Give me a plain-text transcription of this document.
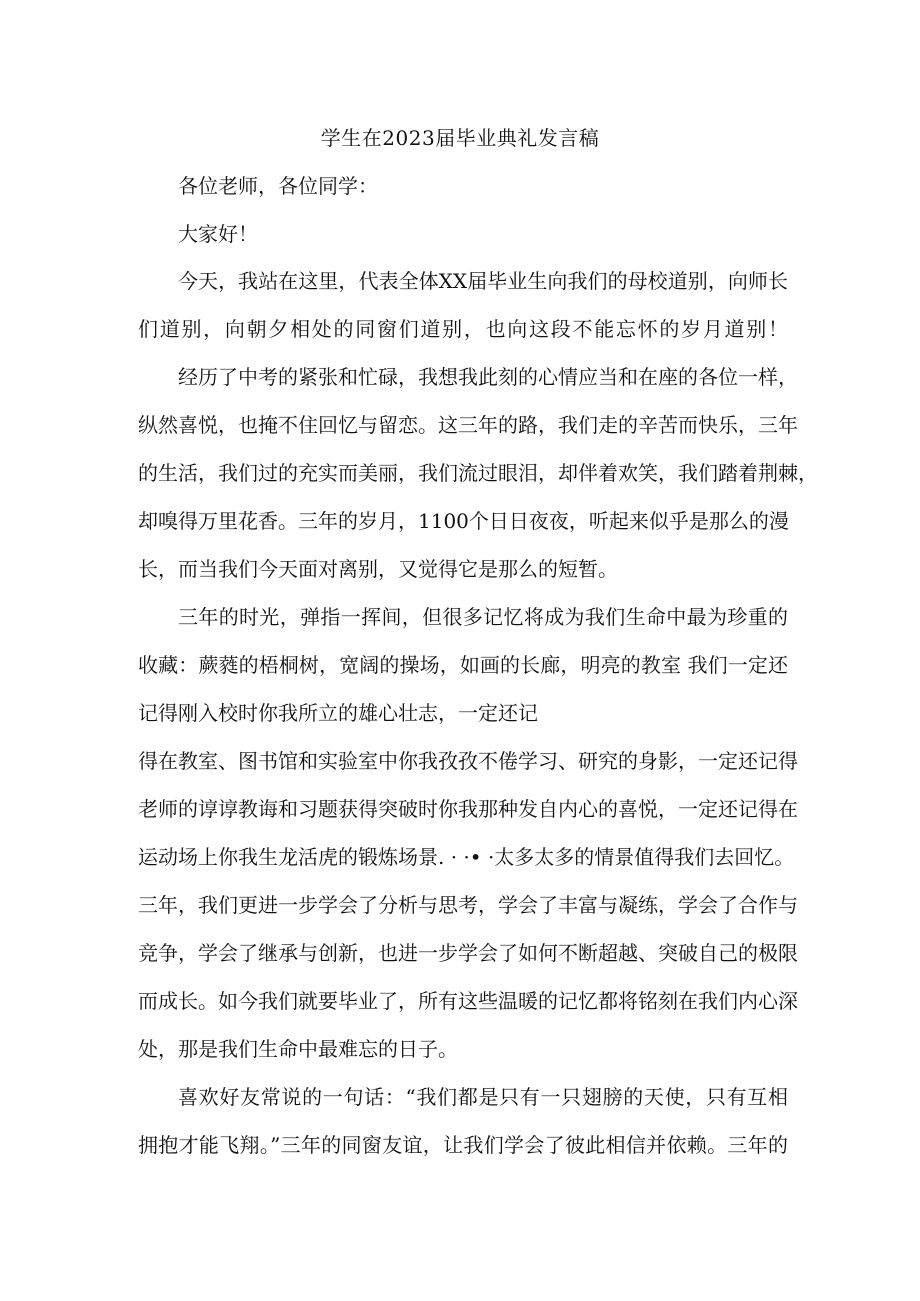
学生在2023届毕业典礼发言稿
各位老师，各位同学：
大家好！
今天，我站在这里，代表全体XX届毕业生向我们的母校道别，向师长
们道别，向朝夕相处的同窗们道别，也向这段不能忘怀的岁月道别！
经历了中考的紧张和忙碌，我想我此刻的心情应当和在座的各位一样，
纵然喜悦，也掩不住回忆与留恋。这三年的路，我们走的辛苦而快乐，三年
的生活，我们过的充实而美丽，我们流过眼泪，却伴着欢笑，我们踏着荆棘，
却嗅得万里花香。三年的岁月，1100个日日夜夜，听起来似乎是那么的漫
长，而当我们今天面对离别，又觉得它是那么的短暂。
三年的时光，弹指一挥间，但很多记忆将成为我们生命中最为珍重的
收藏：蕨蕤的梧桐树，宽阔的操场，如画的长廊，明亮的教室 我们一定还
记得刚入校时你我所立的雄心壮志，一定还记
得在教室、图书馆和实验室中你我孜孜不倦学习、研究的身影，一定还记得
老师的谆谆教诲和习题获得突破时你我那种发自内心的喜悦，一定还记得在
运动场上你我生龙活虎的锻炼场景. · ·• ·太多太多的情景值得我们去回忆。
三年，我们更进一步学会了分析与思考，学会了丰富与凝练，学会了合作与
竞争，学会了继承与创新，也进一步学会了如何不断超越、突破自己的极限
而成长。如今我们就要毕业了，所有这些温暖的记忆都将铭刻在我们内心深
处，那是我们生命中最难忘的日子。
喜欢好友常说的一句话：“我们都是只有一只翅膀的天使，只有互相
拥抱才能飞翔。”三年的同窗友谊，让我们学会了彼此相信并依赖。三年的
